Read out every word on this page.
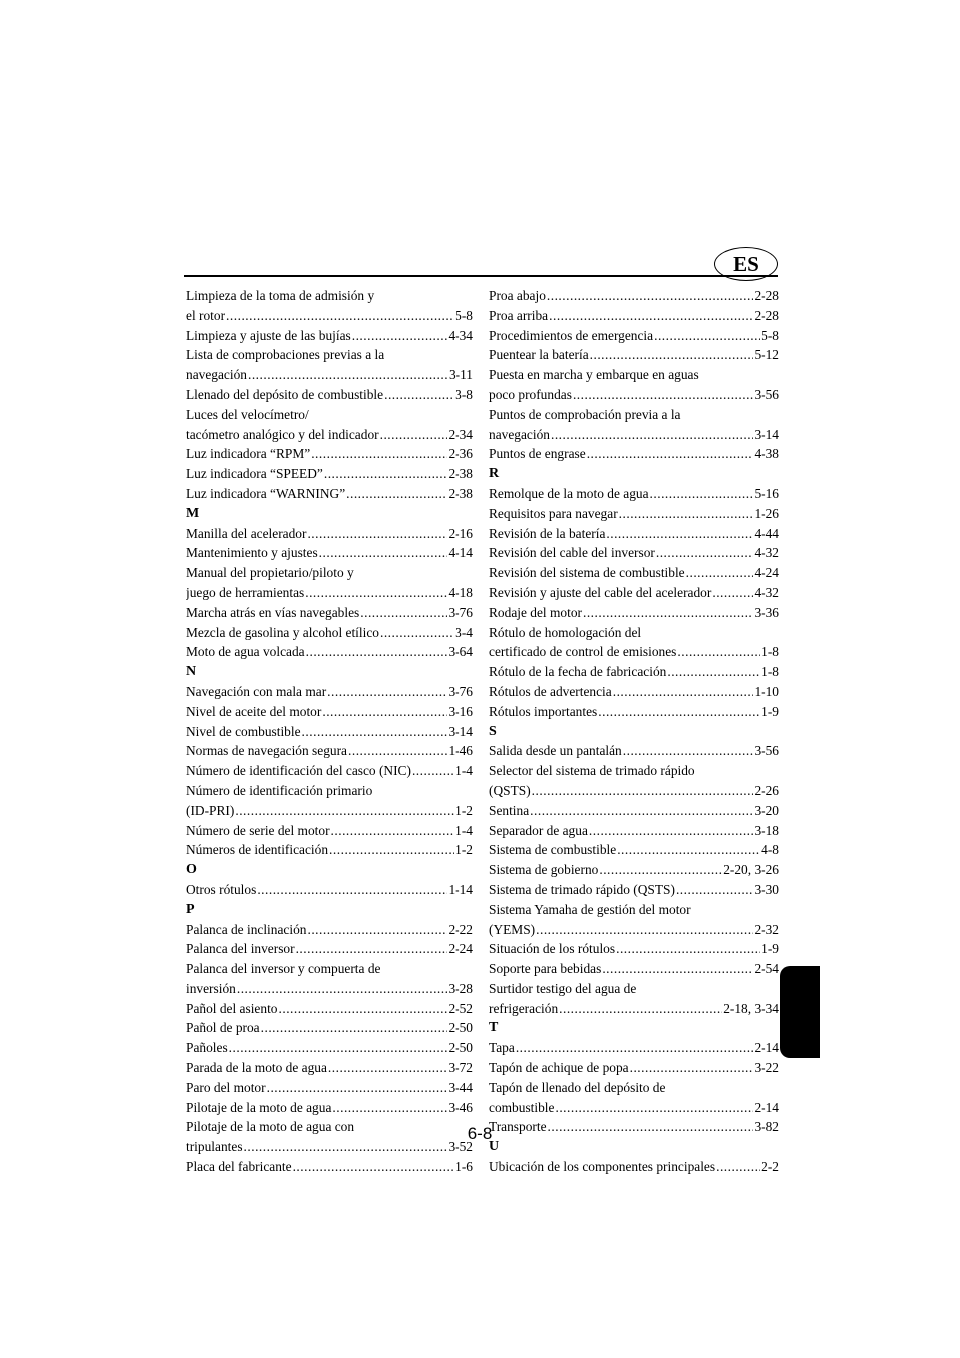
ES
Limpieza de la toma de admisión y
el rotor .....	5-8
Limpieza y ajuste de las bujías .....	4-34
Lista de comprobaciones previas a la
navegación .....	3-11
Llenado del depósito de combustible .....	3-8
Luces del velocímetro/
tacómetro analógico y del indicador .....	2-34
Luz indicadora “RPM” .....	2-36
Luz indicadora “SPEED” .....	2-38
Luz indicadora “WARNING” .....	2-38
M
Manilla del acelerador .....	2-16
Mantenimiento y ajustes .....	4-14
Manual del propietario/piloto y
juego de herramientas .....	4-18
Marcha atrás en vías navegables .....	3-76
Mezcla de gasolina y alcohol etílico .....	3-4
Moto de agua volcada .....	3-64
N
Navegación con mala mar .....	3-76
Nivel de aceite del motor .....	3-16
Nivel de combustible .....	3-14
Normas de navegación segura .....	1-46
Número de identificación del casco (NIC) .....	1-4
Número de identificación primario
(ID-PRI) .....	1-2
Número de serie del motor .....	1-4
Números de identificación .....	1-2
O
Otros rótulos .....	1-14
P
Palanca de inclinación .....	2-22
Palanca del inversor .....	2-24
Palanca del inversor y compuerta de
inversión .....	3-28
Pañol del asiento .....	2-52
Pañol de proa .....	2-50
Pañoles .....	2-50
Parada de la moto de agua .....	3-72
Paro del motor .....	3-44
Pilotaje de la moto de agua .....	3-46
Pilotaje de la moto de agua con
tripulantes .....	3-52
Placa del fabricante .....	1-6
Proa abajo .....	2-28
Proa arriba .....	2-28
Procedimientos de emergencia .....	5-8
Puentear la batería .....	5-12
Puesta en marcha y embarque en aguas
poco profundas .....	3-56
Puntos de comprobación previa a la
navegación .....	3-14
Puntos de engrase .....	4-38
R
Remolque de la moto de agua .....	5-16
Requisitos para navegar .....	1-26
Revisión de la batería .....	4-44
Revisión del cable del inversor .....	4-32
Revisión del sistema de combustible .....	4-24
Revisión y ajuste del cable del acelerador .....	4-32
Rodaje del motor .....	3-36
Rótulo de homologación del
certificado de control de emisiones .....	1-8
Rótulo de la fecha de fabricación .....	1-8
Rótulos de advertencia .....	1-10
Rótulos importantes .....	1-9
S
Salida desde un pantalán .....	3-56
Selector del sistema de trimado rápido
(QSTS) .....	2-26
Sentina .....	3-20
Separador de agua .....	3-18
Sistema de combustible .....	4-8
Sistema de gobierno .....	2-20, 3-26
Sistema de trimado rápido (QSTS) .....	3-30
Sistema Yamaha de gestión del motor
(YEMS) .....	2-32
Situación de los rótulos .....	1-9
Soporte para bebidas .....	2-54
Surtidor testigo del agua de
refrigeración .....	2-18, 3-34
T
Tapa .....	2-14
Tapón de achique de popa .....	3-22
Tapón de llenado del depósito de
combustible .....	2-14
Transporte .....	3-82
U
Ubicación de los componentes principales .....	2-2
6-8
